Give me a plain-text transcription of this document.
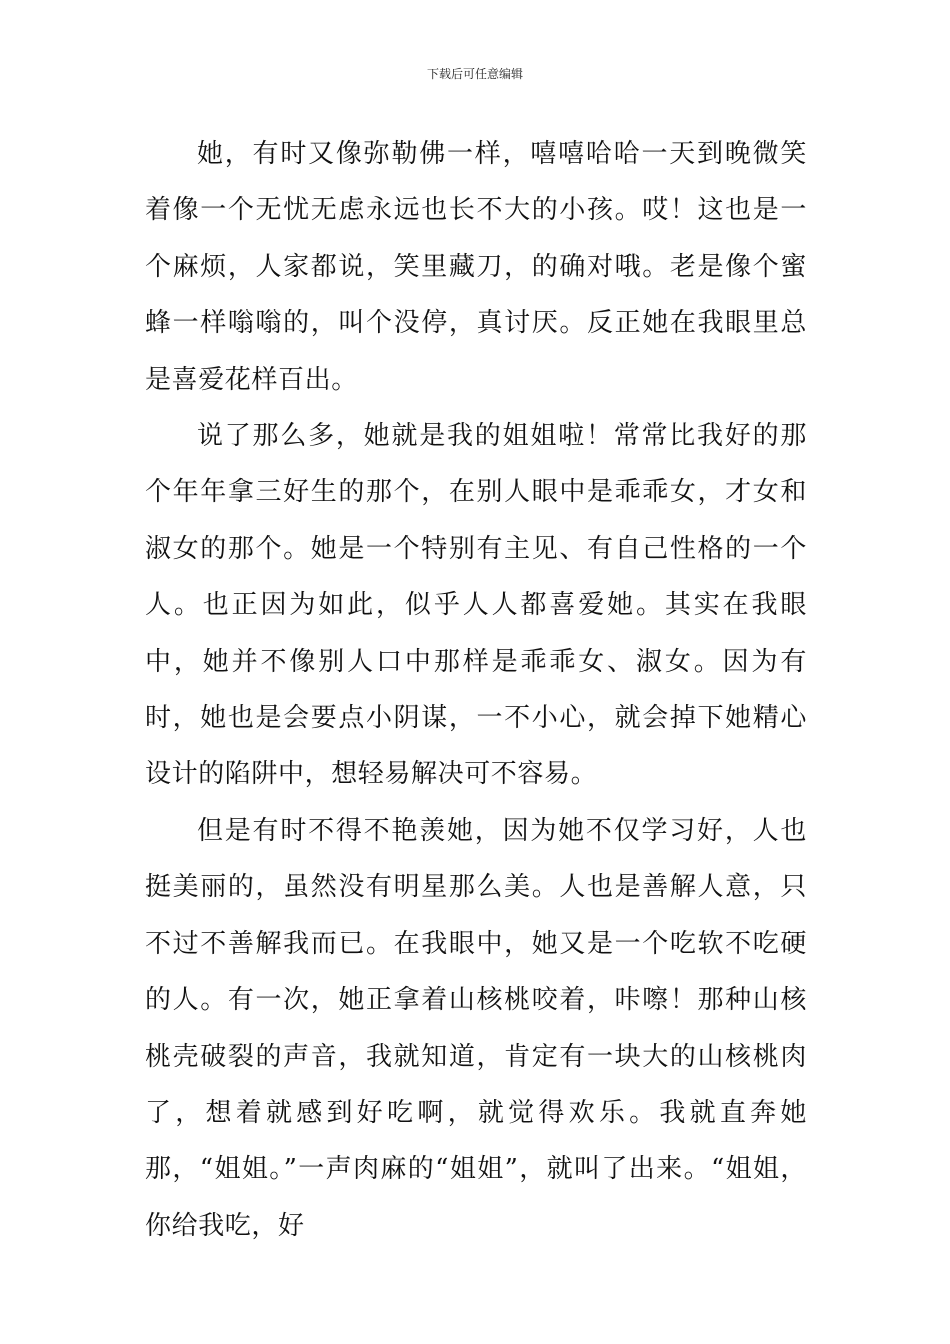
下载后可任意编辑

她，有时又像弥勒佛一样，嘻嘻哈哈一天到晚微笑着像一个无忧无虑永远也长不大的小孩。哎！这也是一个麻烦，人家都说，笑里藏刀，的确对哦。老是像个蜜蜂一样嗡嗡的，叫个没停，真讨厌。反正她在我眼里总是喜爱花样百出。

说了那么多，她就是我的姐姐啦！常常比我好的那个年年拿三好生的那个，在别人眼中是乖乖女，才女和淑女的那个。她是一个特别有主见、有自己性格的一个人。也正因为如此，似乎人人都喜爱她。其实在我眼中，她并不像别人口中那样是乖乖女、淑女。因为有时，她也是会要点小阴谋，一不小心，就会掉下她精心设计的陷阱中，想轻易解决可不容易。

但是有时不得不艳羡她，因为她不仅学习好，人也挺美丽的，虽然没有明星那么美。人也是善解人意，只不过不善解我而已。在我眼中，她又是一个吃软不吃硬的人。有一次，她正拿着山核桃咬着，咔嚓！那种山核桃壳破裂的声音，我就知道，肯定有一块大的山核桃肉了，想着就感到好吃啊，就觉得欢乐。我就直奔她那，“姐姐。”一声肉麻的“姐姐”，就叫了出来。“姐姐，你给我吃，好
